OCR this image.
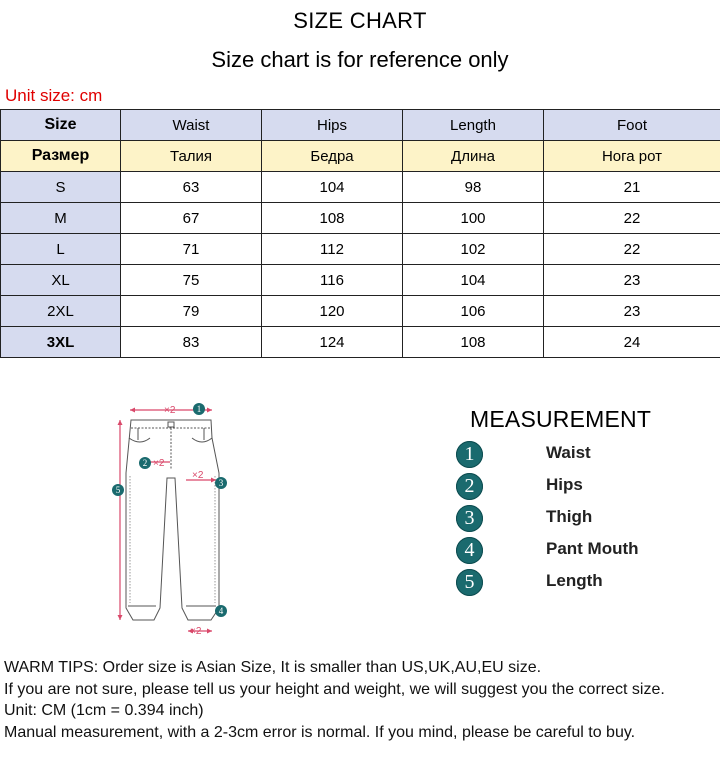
SIZE CHART
Size chart is for reference only
Unit size: cm
Size	Waist	Hips	Length	Foot
Размер	Талия	Бедра	Длина	Нога рот
S	63	104	98	21
M	67	108	100	22
L	71	112	102	22
XL	75	116	104	23
2XL	79	120	106	23
3XL	83	124	108	24
×2
×2
×2
×2
1
2
3
4
5
MEASUREMENT
1	Waist
2	Hips
3	Thigh
4	Pant Mouth
5	Length
WARM TIPS: Order size is Asian Size, It is smaller than US,UK,AU,EU size.
If you are not sure, please tell us your height and weight, we will suggest you the correct size.
Unit: CM (1cm = 0.394 inch)
Manual measurement, with a 2-3cm error is normal. If you mind, please be careful to buy.
